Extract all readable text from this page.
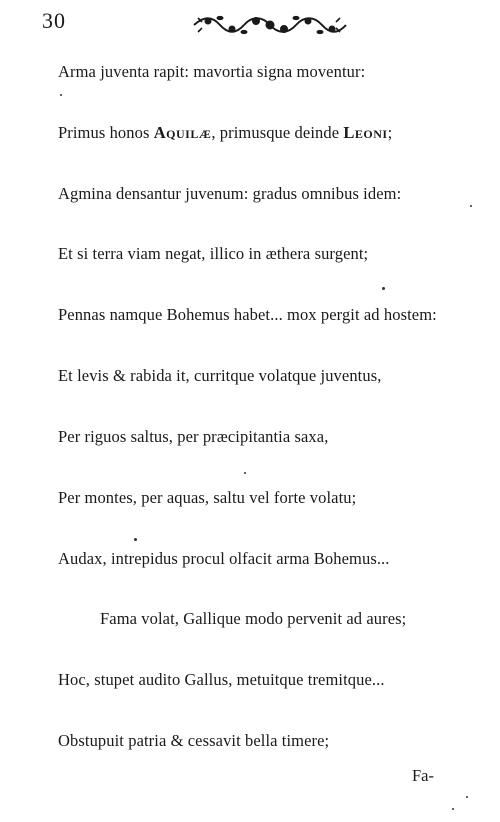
30
Arma juventa rapit: mavortia signa moventur:
Primus honos Aquilæ, primusque deinde Leoni;
Agmina densantur juvenum: gradus omnibus idem:
Et si terra viam negat, illico in æthera surgent;
Pennas namque Bohemus habet... mox pergit ad hostem:
Et levis & rabida it, curritque volatque juventus,
Per riguos saltus, per præcipitantia saxa,
Per montes, per aquas, saltu vel forte volatu;
Audax, intrepidus procul olfacit arma Bohemus...
Fama volat, Gallique modo pervenit ad aures;
Hoc, stupet audito Gallus, metuitque tremitque...
Obstupuit patria & cessavit bella timere;
Fa-
